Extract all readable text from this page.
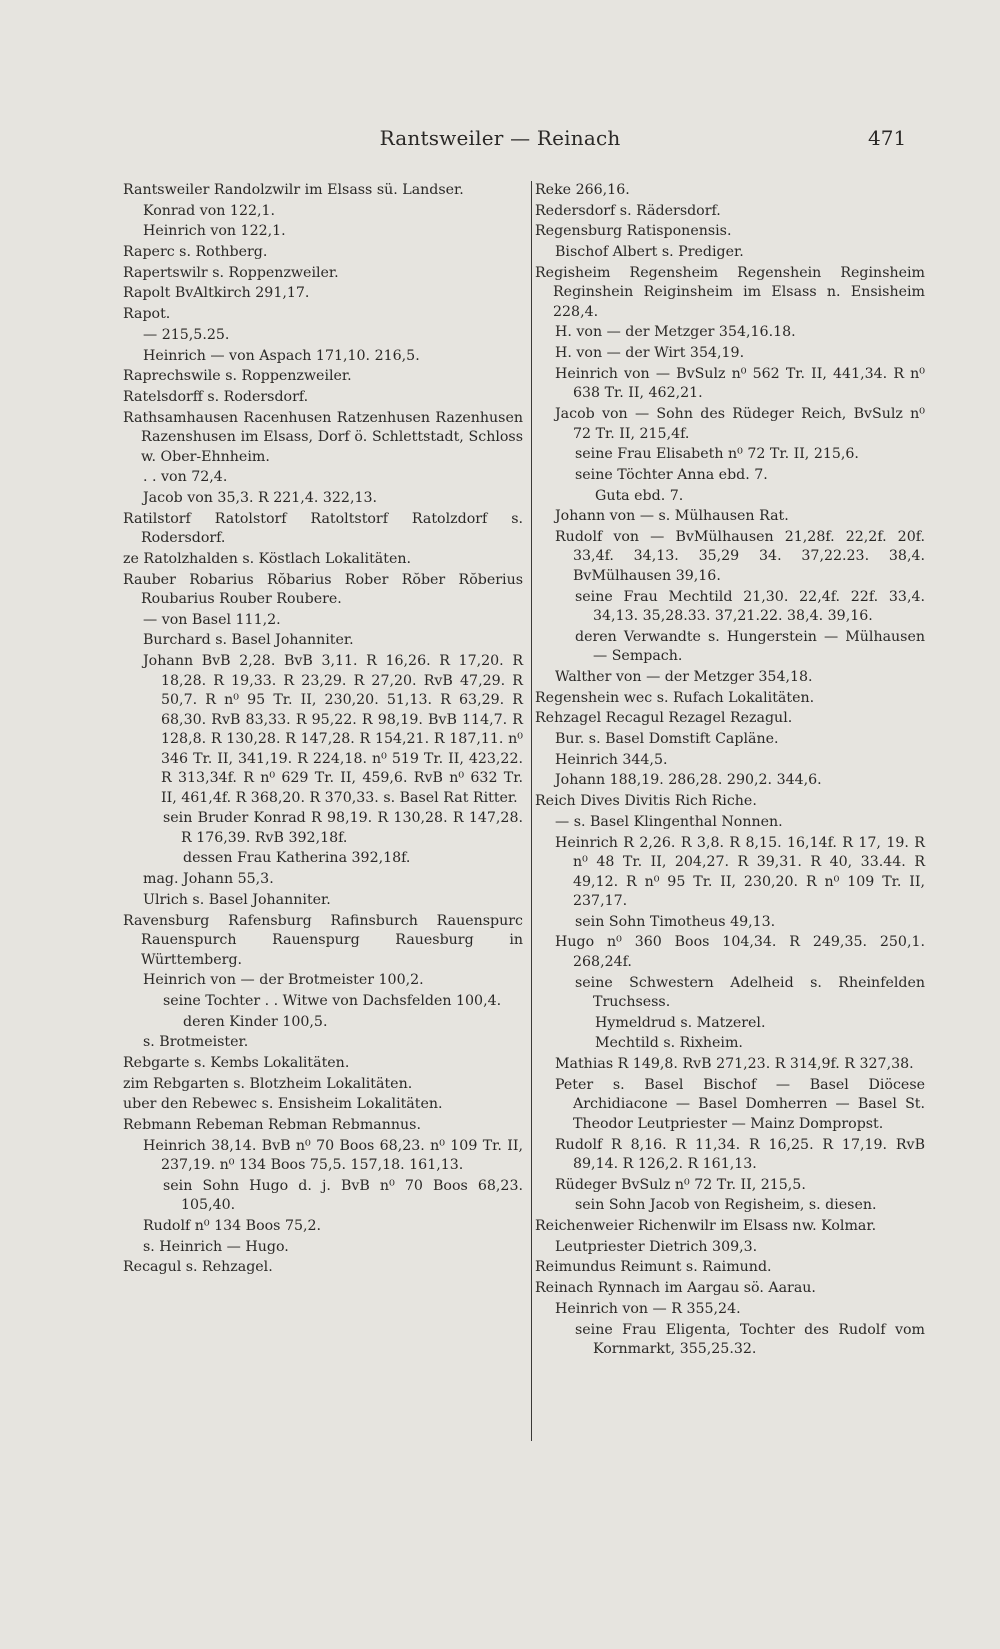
Rantsweiler — Reinach	471
Rantsweiler Randolzwilr im Elsass sü. Landser.
Konrad von 122,1.
Heinrich von 122,1.
Raperc s. Rothberg.
Rapertswilr s. Roppenzweiler.
Rapolt BvAltkirch 291,17.
Rapot.
— 215,5.25.
Heinrich — von Aspach 171,10. 216,5.
Raprechswile s. Roppenzweiler.
Ratelsdorff s. Rodersdorf.
Rathsamhausen Racenhusen Ratzenhusen Razenhusen Razenshusen im Elsass, Dorf ö. Schlettstadt, Schloss w. Ober-Ehnheim.
. . von 72,4.
Jacob von 35,3. R 221,4. 322,13.
Ratilstorf Ratolstorf Ratoltstorf Ratolzdorf s. Rodersdorf.
ze Ratolzhalden s. Köstlach Lokalitäten.
Rauber Robarius Rŏbarius Rober Rŏber Rŏberius Roubarius Rouber Roubere.
— von Basel 111,2.
Burchard s. Basel Johanniter.
Johann BvB 2,28. BvB 3,11. R 16,26. R 17,20. R 18,28. R 19,33. R 23,29. R 27,20. RvB 47,29. R 50,7. R n⁰ 95 Tr. II, 230,20. 51,13. R 63,29. R 68,30. RvB 83,33. R 95,22. R 98,19. BvB 114,7. R 128,8. R 130,28. R 147,28. R 154,21. R 187,11. n⁰ 346 Tr. II, 341,19. R 224,18. n⁰ 519 Tr. II, 423,22. R 313,34f. R n⁰ 629 Tr. II, 459,6. RvB n⁰ 632 Tr. II, 461,4f. R 368,20. R 370,33. s. Basel Rat Ritter.
sein Bruder Konrad R 98,19. R 130,28. R 147,28. R 176,39. RvB 392,18f.
dessen Frau Katherina 392,18f.
mag. Johann 55,3.
Ulrich s. Basel Johanniter.
Ravensburg Rafensburg Rafinsburch Rauenspurc Rauenspurch Rauenspurg Rauesburg in Württemberg.
Heinrich von — der Brotmeister 100,2.
seine Tochter . . Witwe von Dachsfelden 100,4.
deren Kinder 100,5.
s. Brotmeister.
Rebgarte s. Kembs Lokalitäten.
zim Rebgarten s. Blotzheim Lokalitäten.
uber den Rebewec s. Ensisheim Lokalitäten.
Rebmann Rebeman Rebman Rebmannus.
Heinrich 38,14. BvB n⁰ 70 Boos 68,23. n⁰ 109 Tr. II, 237,19. n⁰ 134 Boos 75,5. 157,18. 161,13.
sein Sohn Hugo d. j. BvB n⁰ 70 Boos 68,23. 105,40.
Rudolf n⁰ 134 Boos 75,2.
s. Heinrich — Hugo.
Recagul s. Rehzagel.
Reke 266,16.
Redersdorf s. Rädersdorf.
Regensburg Ratisponensis.
Bischof Albert s. Prediger.
Regisheim Regensheim Regenshein Reginsheim Reginshein Reiginsheim im Elsass n. Ensisheim 228,4.
H. von — der Metzger 354,16.18.
H. von — der Wirt 354,19.
Heinrich von — BvSulz n⁰ 562 Tr. II, 441,34. R n⁰ 638 Tr. II, 462,21.
Jacob von — Sohn des Rüdeger Reich, BvSulz n⁰ 72 Tr. II, 215,4f.
seine Frau Elisabeth n⁰ 72 Tr. II, 215,6.
seine Töchter Anna ebd. 7.
Guta ebd. 7.
Johann von — s. Mülhausen Rat.
Rudolf von — BvMülhausen 21,28f. 22,2f. 20f. 33,4f. 34,13. 35,29 34. 37,22.23. 38,4. BvMülhausen 39,16.
seine Frau Mechtild 21,30. 22,4f. 22f. 33,4. 34,13. 35,28.33. 37,21.22. 38,4. 39,16.
deren Verwandte s. Hungerstein — Mülhausen — Sempach.
Walther von — der Metzger 354,18.
Regenshein wec s. Rufach Lokalitäten.
Rehzagel Recagul Rezagel Rezagul.
Bur. s. Basel Domstift Capläne.
Heinrich 344,5.
Johann 188,19. 286,28. 290,2. 344,6.
Reich Dives Divitis Rich Riche.
— s. Basel Klingenthal Nonnen.
Heinrich R 2,26. R 3,8. R 8,15. 16,14f. R 17, 19. R n⁰ 48 Tr. II, 204,27. R 39,31. R 40, 33.44. R 49,12. R n⁰ 95 Tr. II, 230,20. R n⁰ 109 Tr. II, 237,17.
sein Sohn Timotheus 49,13.
Hugo n⁰ 360 Boos 104,34. R 249,35. 250,1. 268,24f.
seine Schwestern Adelheid s. Rheinfelden Truchsess.
Hymeldrud s. Matzerel.
Mechtild s. Rixheim.
Mathias R 149,8. RvB 271,23. R 314,9f. R 327,38.
Peter s. Basel Bischof — Basel Diöcese Archidiacone — Basel Domherren — Basel St. Theodor Leutpriester — Mainz Dompropst.
Rudolf R 8,16. R 11,34. R 16,25. R 17,19. RvB 89,14. R 126,2. R 161,13.
Rüdeger BvSulz n⁰ 72 Tr. II, 215,5.
sein Sohn Jacob von Regisheim, s. diesen.
Reichenweier Richenwilr im Elsass nw. Kolmar.
Leutpriester Dietrich 309,3.
Reimundus Reimunt s. Raimund.
Reinach Rynnach im Aargau sö. Aarau.
Heinrich von — R 355,24.
seine Frau Eligenta, Tochter des Rudolf vom Kornmarkt, 355,25.32.
